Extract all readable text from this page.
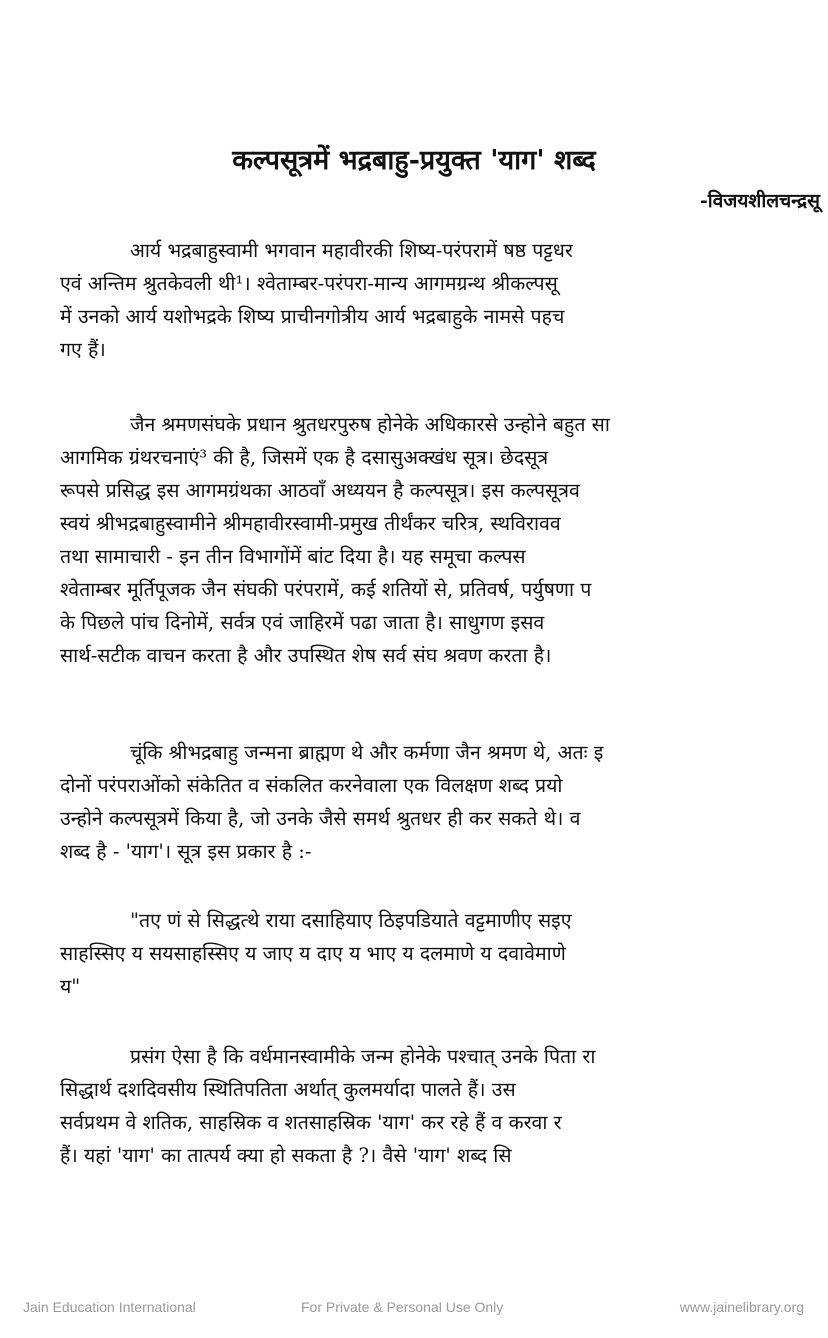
कल्पसूत्रमें भद्रबाहु-प्रयुक्त 'याग' शब्द
-विजयशीलचन्द्रसू
आर्य भद्रबाहुस्वामी भगवान महावीरकी शिष्य-परंपरामें षष्ठ पट्टधर
एवं अन्तिम श्रुतकेवली थी¹। श्वेताम्बर-परंपरा-मान्य आगमग्रन्थ श्रीकल्पसू
में उनको आर्य यशोभद्रके शिष्य प्राचीनगोत्रीय आर्य भद्रबाहुके नामसे पहच
गए हैं।
जैन श्रमणसंघके प्रधान श्रुतधरपुरुष होनेके अधिकारसे उन्होने बहुत सा
आगमिक ग्रंथरचनाएं³ की है, जिसमें एक है दसासुअक्खंध सूत्र। छेदसूत्र
रूपसे प्रसिद्ध इस आगमग्रंथका आठवाँ अध्ययन है कल्पसूत्र। इस कल्पसूत्रव
स्वयं श्रीभद्रबाहुस्वामीने श्रीमहावीरस्वामी-प्रमुख तीर्थंकर चरित्र, स्थविरावव
तथा सामाचारी - इन तीन विभागोंमें बांट दिया है। यह समूचा कल्पस
श्वेताम्बर मूर्तिपूजक जैन संघकी परंपरामें, कई शतियों से, प्रतिवर्ष, पर्युषणा प
के पिछले पांच दिनोमें, सर्वत्र एवं जाहिरमें पढा जाता है। साधुगण इसव
सार्थ-सटीक वाचन करता है और उपस्थित शेष सर्व संघ श्रवण करता है।
चूंकि श्रीभद्रबाहु जन्मना ब्राह्मण थे और कर्मणा जैन श्रमण थे, अतः इ
दोनों परंपराओंको संकेतित व संकलित करनेवाला एक विलक्षण शब्द प्रयो
उन्होने कल्पसूत्रमें किया है, जो उनके जैसे समर्थ श्रुतधर ही कर सकते थे। व
शब्द है - 'याग'। सूत्र इस प्रकार है :-
"तए णं से सिद्धत्थे राया दसाहियाए ठिइपडियाते वट्टमाणीए सइए
साहस्सिए य सयसाहस्सिए य जाए य दाए य भाए य दलमाणे य दवावेमाणे
य"
प्रसंग ऐसा है कि वर्धमानस्वामीके जन्म होनेके पश्चात् उनके पिता रा
सिद्धार्थ दशदिवसीय स्थितिपतिता अर्थात् कुलमर्यादा पालते हैं। उस
सर्वप्रथम वे शतिक, साहस्रिक व शतसाहस्रिक 'याग' कर रहे हैं व करवा र
हैं। यहां 'याग' का तात्पर्य क्या हो सकता है ?। वैसे 'याग' शब्द सि
Jain Education International	For Private & Personal Use Only	www.jainelibrary.org
